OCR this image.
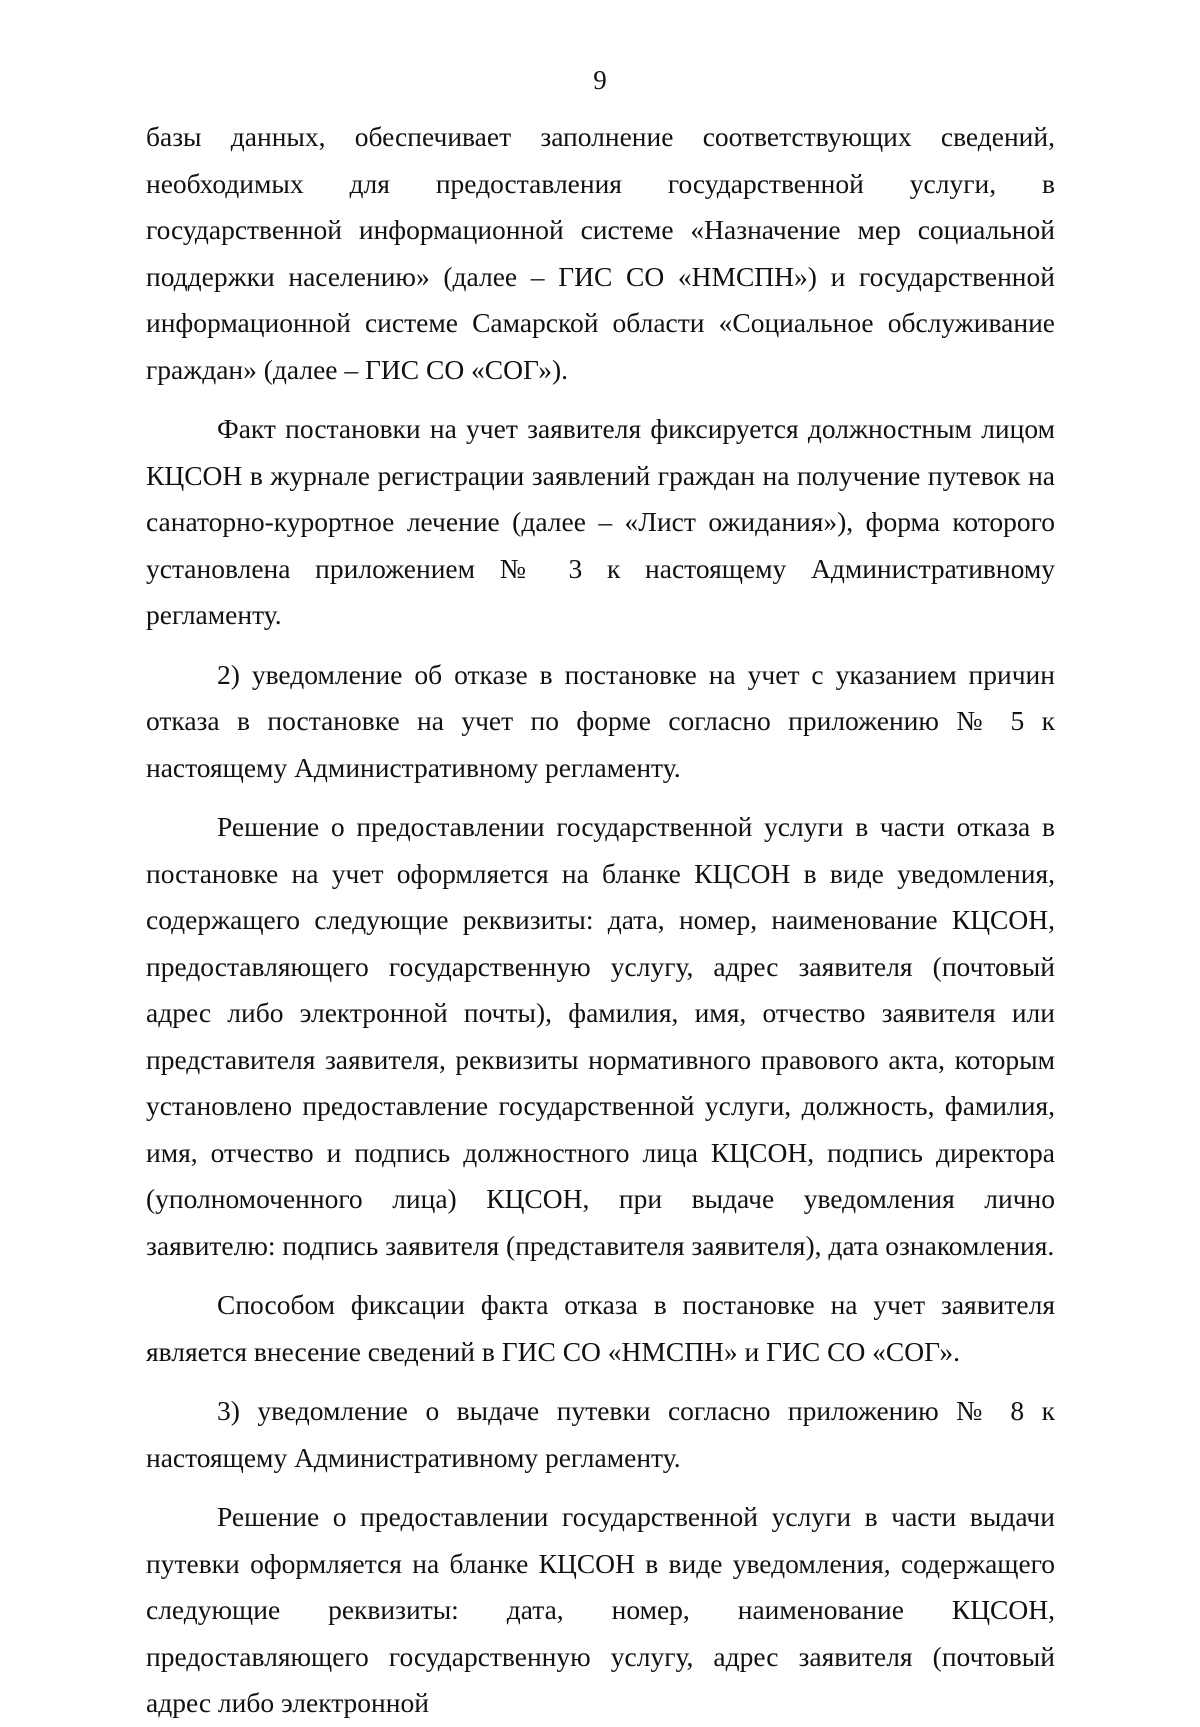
9

базы данных, обеспечивает заполнение соответствующих сведений, необходимых для предоставления государственной услуги, в государственной информационной системе «Назначение мер социальной поддержки населению» (далее – ГИС СО «НМСПН») и государственной информационной системе Самарской области «Социальное обслуживание граждан» (далее – ГИС СО «СОГ»).

Факт постановки на учет заявителя фиксируется должностным лицом КЦСОН в журнале регистрации заявлений граждан на получение путевок на санаторно-курортное лечение (далее – «Лист ожидания»), форма которого установлена приложением № 3 к настоящему Административному регламенту.

2) уведомление об отказе в постановке на учет с указанием причин отказа в постановке на учет по форме согласно приложению № 5 к настоящему Административному регламенту.

Решение о предоставлении государственной услуги в части отказа в постановке на учет оформляется на бланке КЦСОН в виде уведомления, содержащего следующие реквизиты: дата, номер, наименование КЦСОН, предоставляющего государственную услугу, адрес заявителя (почтовый адрес либо электронной почты), фамилия, имя, отчество заявителя или представителя заявителя, реквизиты нормативного правового акта, которым установлено предоставление государственной услуги, должность, фамилия, имя, отчество и подпись должностного лица КЦСОН, подпись директора (уполномоченного лица) КЦСОН, при выдаче уведомления лично заявителю: подпись заявителя (представителя заявителя), дата ознакомления.

Способом фиксации факта отказа в постановке на учет заявителя является внесение сведений в ГИС СО «НМСПН» и ГИС СО «СОГ».

3) уведомление о выдаче путевки согласно приложению № 8 к настоящему Административному регламенту.

Решение о предоставлении государственной услуги в части выдачи путевки оформляется на бланке КЦСОН в виде уведомления, содержащего следующие реквизиты: дата, номер, наименование КЦСОН, предоставляющего государственную услугу, адрес заявителя (почтовый адрес либо электронной
